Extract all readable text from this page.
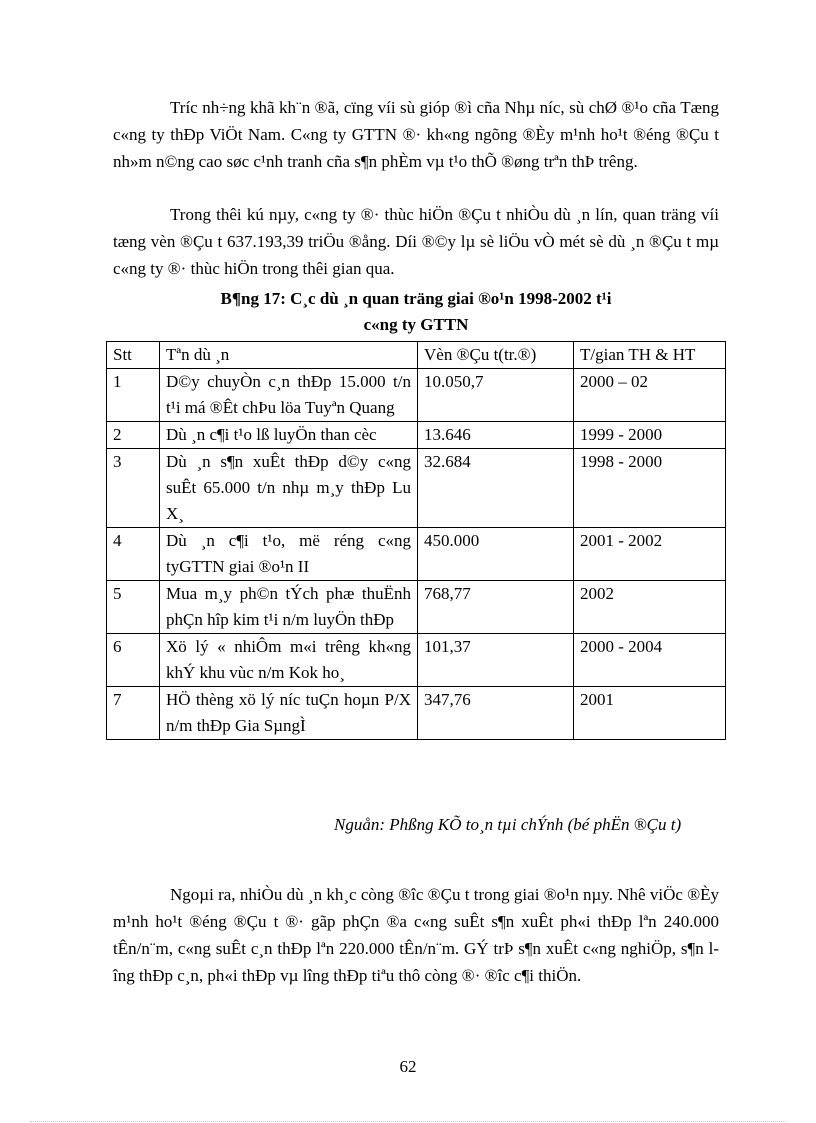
Tríc nh÷ng khã kh¨n ®ã, cïng víi sù gióp ®ì cña Nhµ níc, sù chØ ®¹o cña Tæng c«ng ty thÐp ViÖt Nam. C«ng ty GTTN ®· kh«ng ngõng ®Èy m¹nh ho¹t ®éng ®Çu t nh»m n©ng cao søc c¹nh tranh cña s¶n phÈm vµ t¹o thÕ ®øng trªn thÞ trêng.

Trong thêi kú nµy, c«ng ty ®· thùc hiÖn ®Çu t nhiÒu dù ¸n lín, quan träng víi tæng vèn ®Çu t 637.193,39 triÖu ®ång. Díi ®©y lµ sè liÖu vÒ mét sè dù ¸n ®Çu t mµ c«ng ty ®· thùc hiÖn trong thêi gian qua.

B¶ng 17: C¸c dù ¸n quan träng giai ®o¹n 1998-2002 t¹i
c«ng ty GTTN
Stt	Tªn dù ¸n	Vèn ®Çu t(tr.®)	T/gian TH & HT
1	D©y chuyÒn c¸n thÐp 15.000 t/n t¹i má ®Êt chÞu löa Tuyªn Quang	10.050,7	2000 – 02
2	Dù ¸n c¶i t¹o lß luyÖn than cèc	13.646	1999 - 2000
3	Dù ¸n s¶n xuÊt thÐp d©y c«ng suÊt 65.000 t/n nhµ m¸y thÐp Lu X¸	32.684	1998 - 2000
4	Dù ¸n c¶i t¹o, më réng c«ng tyGTTN giai ®o¹n II	450.000	2001 - 2002
5	Mua m¸y ph©n tÝch phæ thuËnh phÇn hîp kim t¹i n/m luyÖn thÐp	768,77	2002
6	Xö lý « nhiÔm m«i trêng kh«ng khÝ khu vùc n/m Kok ho¸	101,37	2000 - 2004
7	HÖ thèng xö lý níc tuÇn hoµn P/X n/m thÐp Gia SµngÌ	347,76	2001

Nguån: Phßng KÕ to¸n tµi chÝnh (bé phËn ®Çu t)

Ngoµi ra, nhiÒu dù ¸n kh¸c còng ®îc ®Çu t trong giai ®o¹n nµy. Nhê viÖc ®Èy m¹nh ho¹t ®éng ®Çu t ®· gãp phÇn ®a c«ng suÊt s¶n xuÊt ph«i thÐp lªn 240.000 tÊn/n¨m, c«ng suÊt c¸n thÐp lªn 220.000 tÊn/n¨m. GÝ trÞ s¶n xuÊt c«ng nghiÖp, s¶n lîng thÐp c¸n, ph«i thÐp vµ lîng thÐp tiªu thô còng ®· ®îc c¶i thiÖn.

62
